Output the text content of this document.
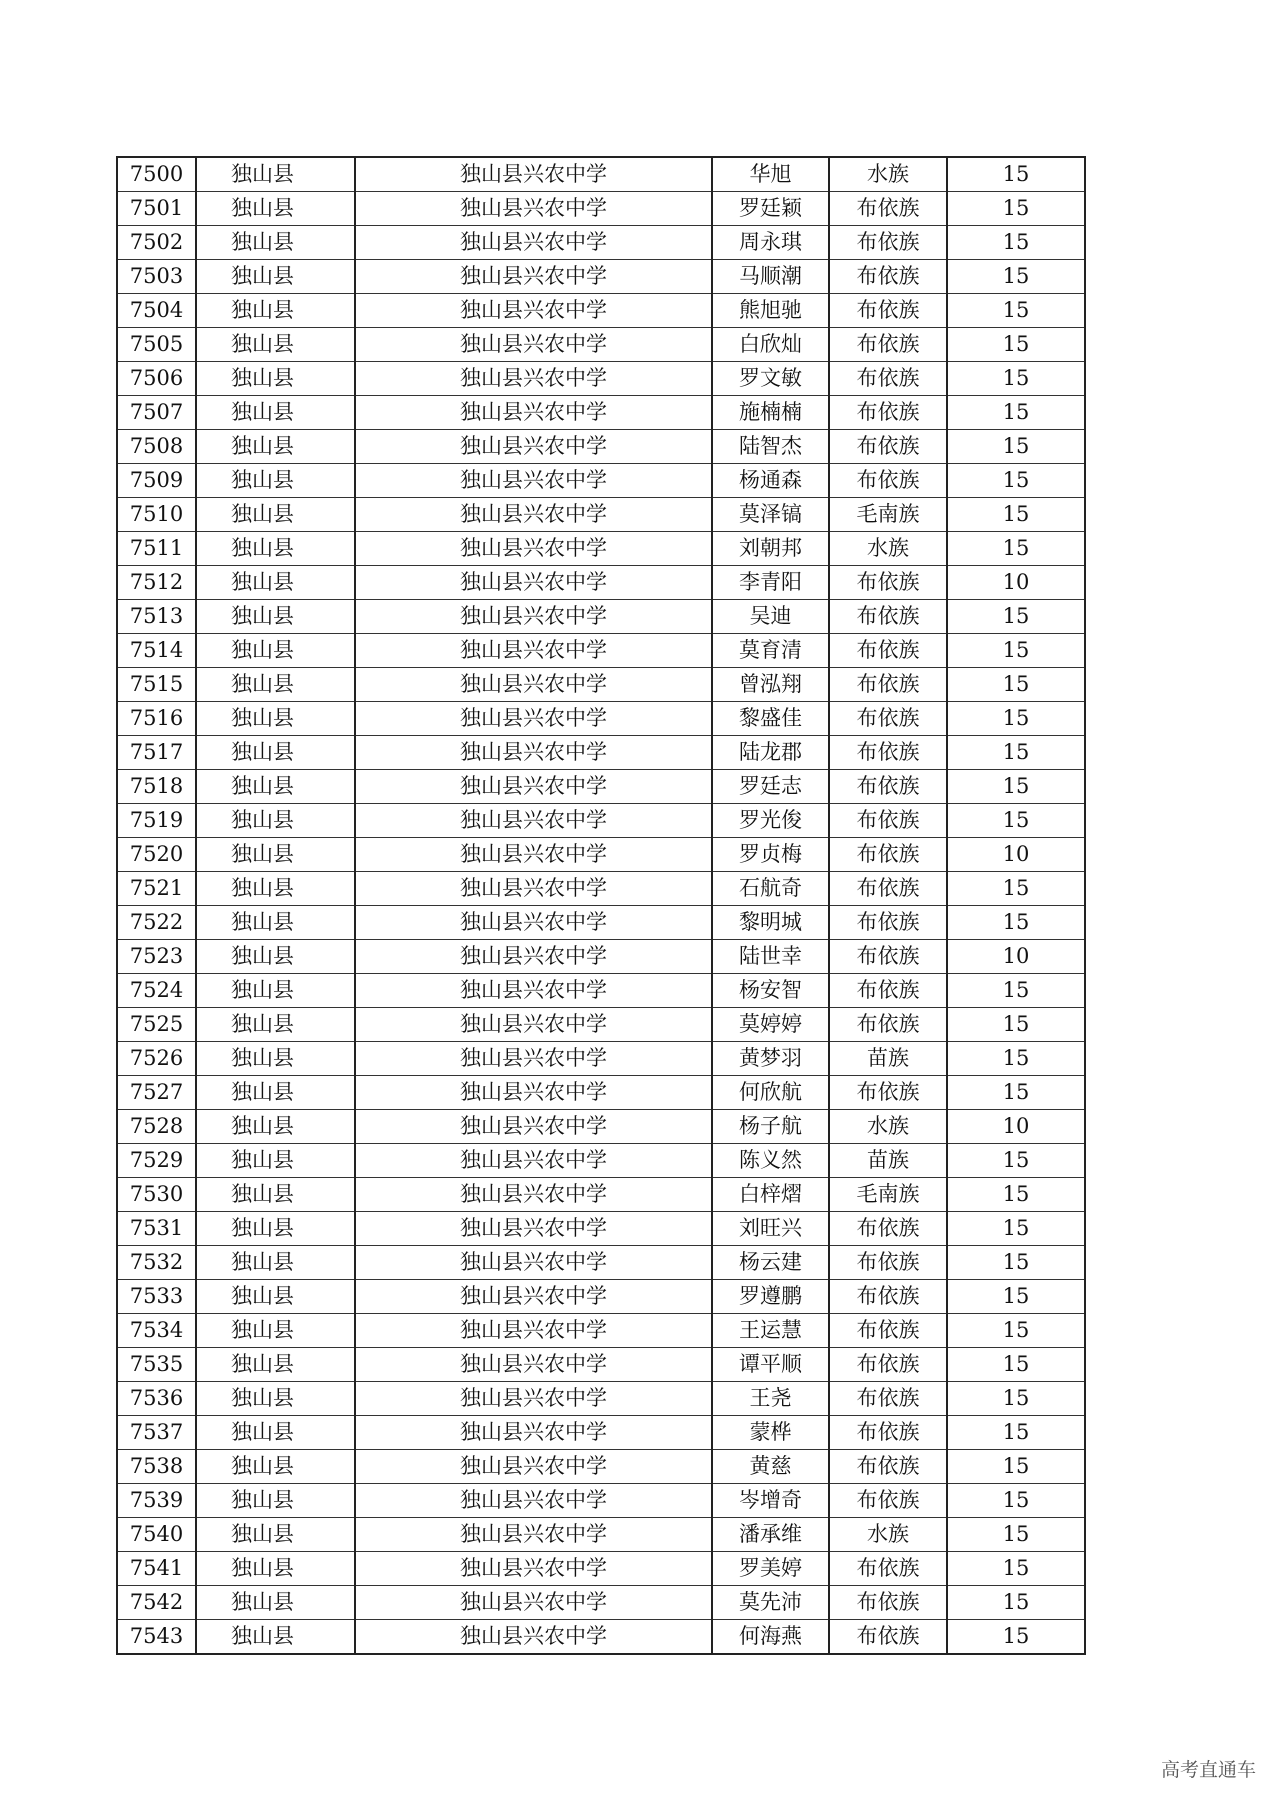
7500	独山县	独山县兴农中学	华旭	水族	15
7501	独山县	独山县兴农中学	罗廷颖	布依族	15
7502	独山县	独山县兴农中学	周永琪	布依族	15
7503	独山县	独山县兴农中学	马顺潮	布依族	15
7504	独山县	独山县兴农中学	熊旭驰	布依族	15
7505	独山县	独山县兴农中学	白欣灿	布依族	15
7506	独山县	独山县兴农中学	罗文敏	布依族	15
7507	独山县	独山县兴农中学	施楠楠	布依族	15
7508	独山县	独山县兴农中学	陆智杰	布依族	15
7509	独山县	独山县兴农中学	杨通森	布依族	15
7510	独山县	独山县兴农中学	莫泽镐	毛南族	15
7511	独山县	独山县兴农中学	刘朝邦	水族	15
7512	独山县	独山县兴农中学	李青阳	布依族	10
7513	独山县	独山县兴农中学	吴迪	布依族	15
7514	独山县	独山县兴农中学	莫育清	布依族	15
7515	独山县	独山县兴农中学	曾泓翔	布依族	15
7516	独山县	独山县兴农中学	黎盛佳	布依族	15
7517	独山县	独山县兴农中学	陆龙郡	布依族	15
7518	独山县	独山县兴农中学	罗廷志	布依族	15
7519	独山县	独山县兴农中学	罗光俊	布依族	15
7520	独山县	独山县兴农中学	罗贞梅	布依族	10
7521	独山县	独山县兴农中学	石航奇	布依族	15
7522	独山县	独山县兴农中学	黎明城	布依族	15
7523	独山县	独山县兴农中学	陆世幸	布依族	10
7524	独山县	独山县兴农中学	杨安智	布依族	15
7525	独山县	独山县兴农中学	莫婷婷	布依族	15
7526	独山县	独山县兴农中学	黄梦羽	苗族	15
7527	独山县	独山县兴农中学	何欣航	布依族	15
7528	独山县	独山县兴农中学	杨子航	水族	10
7529	独山县	独山县兴农中学	陈义然	苗族	15
7530	独山县	独山县兴农中学	白梓熠	毛南族	15
7531	独山县	独山县兴农中学	刘旺兴	布依族	15
7532	独山县	独山县兴农中学	杨云建	布依族	15
7533	独山县	独山县兴农中学	罗遵鹏	布依族	15
7534	独山县	独山县兴农中学	王运慧	布依族	15
7535	独山县	独山县兴农中学	谭平顺	布依族	15
7536	独山县	独山县兴农中学	王尧	布依族	15
7537	独山县	独山县兴农中学	蒙桦	布依族	15
7538	独山县	独山县兴农中学	黄慈	布依族	15
7539	独山县	独山县兴农中学	岑增奇	布依族	15
7540	独山县	独山县兴农中学	潘承维	水族	15
7541	独山县	独山县兴农中学	罗美婷	布依族	15
7542	独山县	独山县兴农中学	莫先沛	布依族	15
7543	独山县	独山县兴农中学	何海燕	布依族	15
高考直通车
